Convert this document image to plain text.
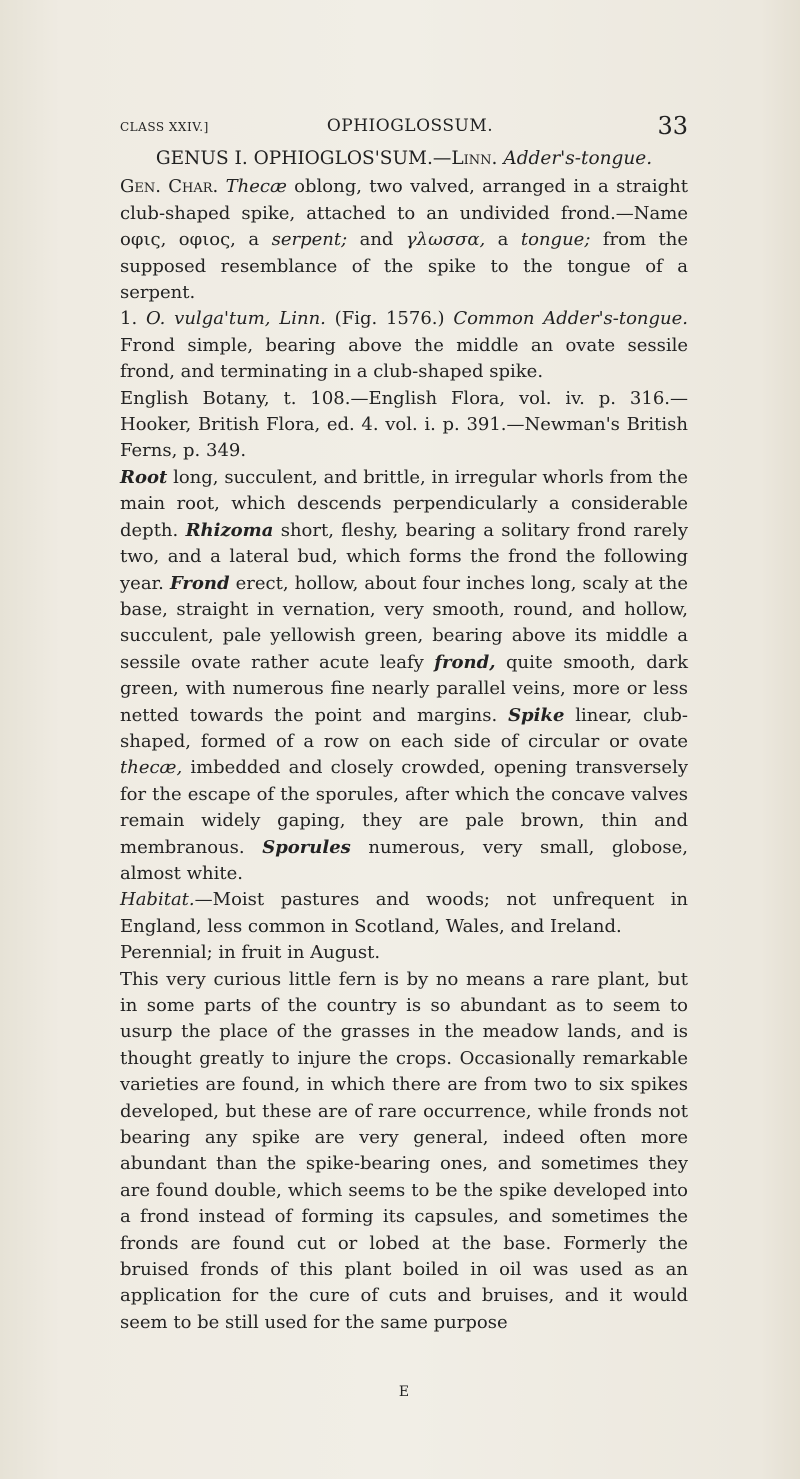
CLASS XXIV.]	OPHIOGLOSSUM.	33

GENUS I. OPHIOGLOS'SUM.—Linn. Adder's-tongue.

Gen. Char. Thecæ oblong, two valved, arranged in a straight club-shaped spike, attached to an undivided frond.—Name οφις, οφιος, a serpent; and γλωσσα, a tongue; from the supposed resemblance of the spike to the tongue of a serpent.

1. O. vulga'tum, Linn. (Fig. 1576.) Common Adder's-tongue. Frond simple, bearing above the middle an ovate sessile frond, and terminating in a club-shaped spike.

English Botany, t. 108.—English Flora, vol. iv. p. 316.—Hooker, British Flora, ed. 4. vol. i. p. 391.—Newman's British Ferns, p. 349.

Root long, succulent, and brittle, in irregular whorls from the main root, which descends perpendicularly a considerable depth. Rhizoma short, fleshy, bearing a solitary frond rarely two, and a lateral bud, which forms the frond the following year. Frond erect, hollow, about four inches long, scaly at the base, straight in vernation, very smooth, round, and hollow, succulent, pale yellowish green, bearing above its middle a sessile ovate rather acute leafy frond, quite smooth, dark green, with numerous fine nearly parallel veins, more or less netted towards the point and margins. Spike linear, club-shaped, formed of a row on each side of circular or ovate thecæ, imbedded and closely crowded, opening transversely for the escape of the sporules, after which the concave valves remain widely gaping, they are pale brown, thin and membranous. Sporules numerous, very small, globose, almost white.

Habitat.—Moist pastures and woods; not unfrequent in England, less common in Scotland, Wales, and Ireland.

Perennial; in fruit in August.

This very curious little fern is by no means a rare plant, but in some parts of the country is so abundant as to seem to usurp the place of the grasses in the meadow lands, and is thought greatly to injure the crops. Occasionally remarkable varieties are found, in which there are from two to six spikes developed, but these are of rare occurrence, while fronds not bearing any spike are very general, indeed often more abundant than the spike-bearing ones, and sometimes they are found double, which seems to be the spike developed into a frond instead of forming its capsules, and sometimes the fronds are found cut or lobed at the base. Formerly the bruised fronds of this plant boiled in oil was used as an application for the cure of cuts and bruises, and it would seem to be still used for the same purpose

E
